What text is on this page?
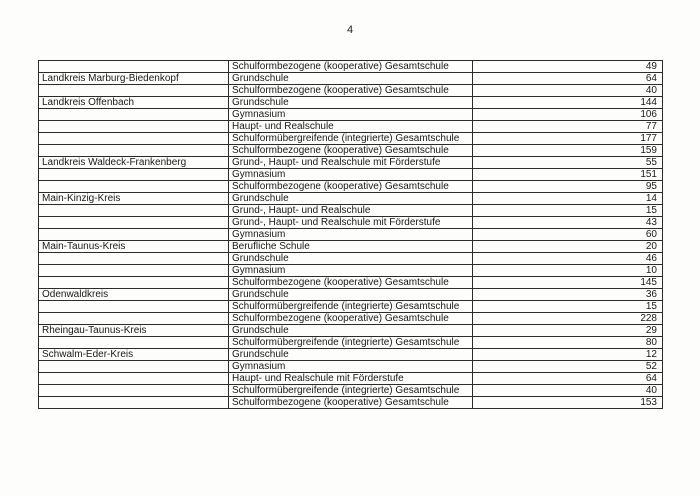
4
	Schulformbezogene (kooperative) Gesamtschule	49
Landkreis Marburg-Biedenkopf	Grundschule	64
	Schulformbezogene (kooperative) Gesamtschule	40
Landkreis Offenbach	Grundschule	144
	Gymnasium	106
	Haupt- und Realschule	77
	Schulformübergreifende (integrierte) Gesamtschule	177
	Schulformbezogene (kooperative) Gesamtschule	159
Landkreis Waldeck-Frankenberg	Grund-, Haupt- und Realschule mit Förderstufe	55
	Gymnasium	151
	Schulformbezogene (kooperative) Gesamtschule	95
Main-Kinzig-Kreis	Grundschule	14
	Grund-, Haupt- und Realschule	15
	Grund-, Haupt- und Realschule mit Förderstufe	43
	Gymnasium	60
Main-Taunus-Kreis	Berufliche Schule	20
	Grundschule	46
	Gymnasium	10
	Schulformbezogene (kooperative) Gesamtschule	145
Odenwaldkreis	Grundschule	36
	Schulformübergreifende (integrierte) Gesamtschule	15
	Schulformbezogene (kooperative) Gesamtschule	228
Rheingau-Taunus-Kreis	Grundschule	29
	Schulformübergreifende (integrierte) Gesamtschule	80
Schwalm-Eder-Kreis	Grundschule	12
	Gymnasium	52
	Haupt- und Realschule mit Förderstufe	64
	Schulformübergreifende (integrierte) Gesamtschule	40
	Schulformbezogene (kooperative) Gesamtschule	153
